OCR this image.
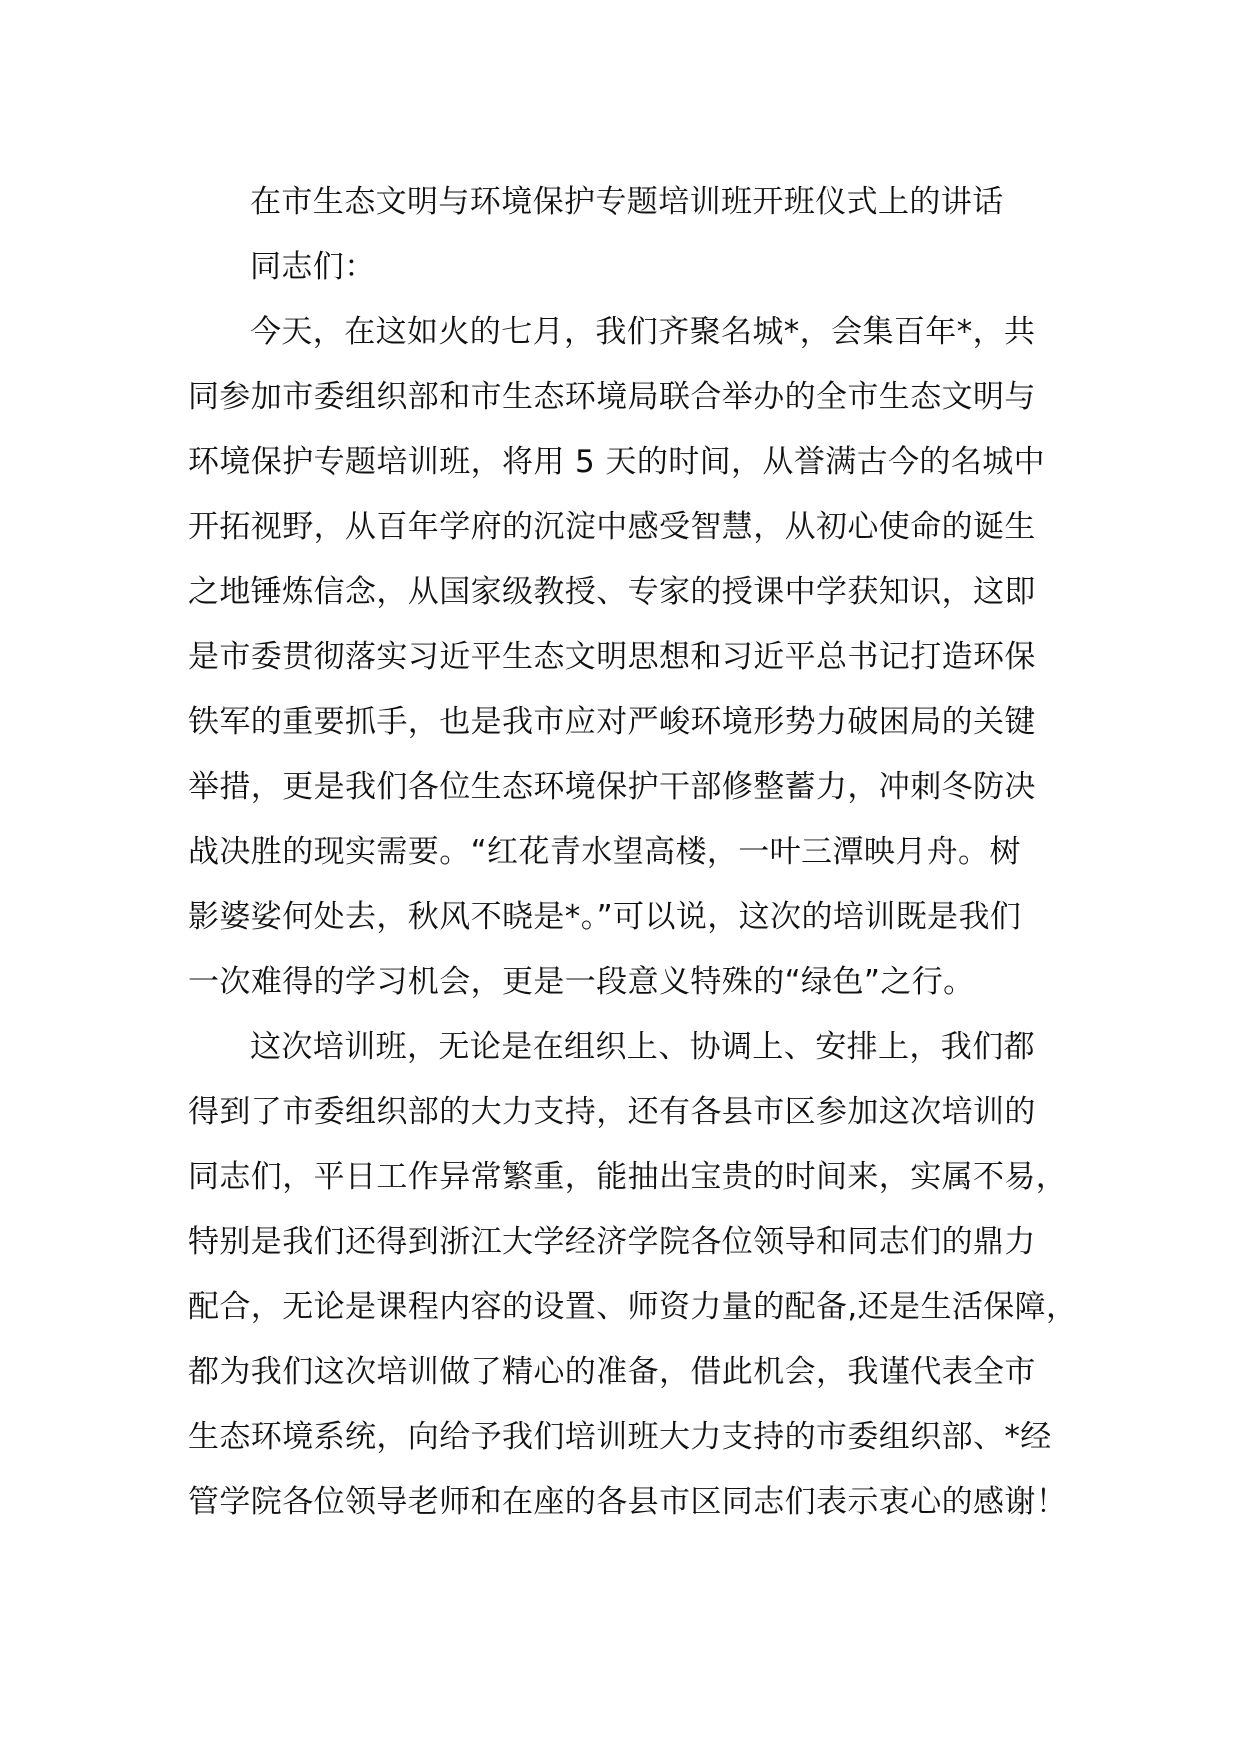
在市生态文明与环境保护专题培训班开班仪式上的讲话
同志们：
今天，在这如火的七月，我们齐聚名城*，会集百年*，共
同参加市委组织部和市生态环境局联合举办的全市生态文明与
环境保护专题培训班，将用 5 天的时间，从誉满古今的名城中
开拓视野，从百年学府的沉淀中感受智慧，从初心使命的诞生
之地锤炼信念，从国家级教授、专家的授课中学获知识，这即
是市委贯彻落实习近平生态文明思想和习近平总书记打造环保
铁军的重要抓手，也是我市应对严峻环境形势力破困局的关键
举措，更是我们各位生态环境保护干部修整蓄力，冲刺冬防决
战决胜的现实需要。“红花青水望高楼，一叶三潭映月舟。树
影婆娑何处去，秋风不晓是*。”可以说，这次的培训既是我们
一次难得的学习机会，更是一段意义特殊的“绿色”之行。
这次培训班，无论是在组织上、协调上、安排上，我们都
得到了市委组织部的大力支持，还有各县市区参加这次培训的
同志们，平日工作异常繁重，能抽出宝贵的时间来，实属不易，
特别是我们还得到浙江大学经济学院各位领导和同志们的鼎力
配合，无论是课程内容的设置、师资力量的配备,还是生活保障，
都为我们这次培训做了精心的准备，借此机会，我谨代表全市
生态环境系统，向给予我们培训班大力支持的市委组织部、*经
管学院各位领导老师和在座的各县市区同志们表示衷心的感谢！
